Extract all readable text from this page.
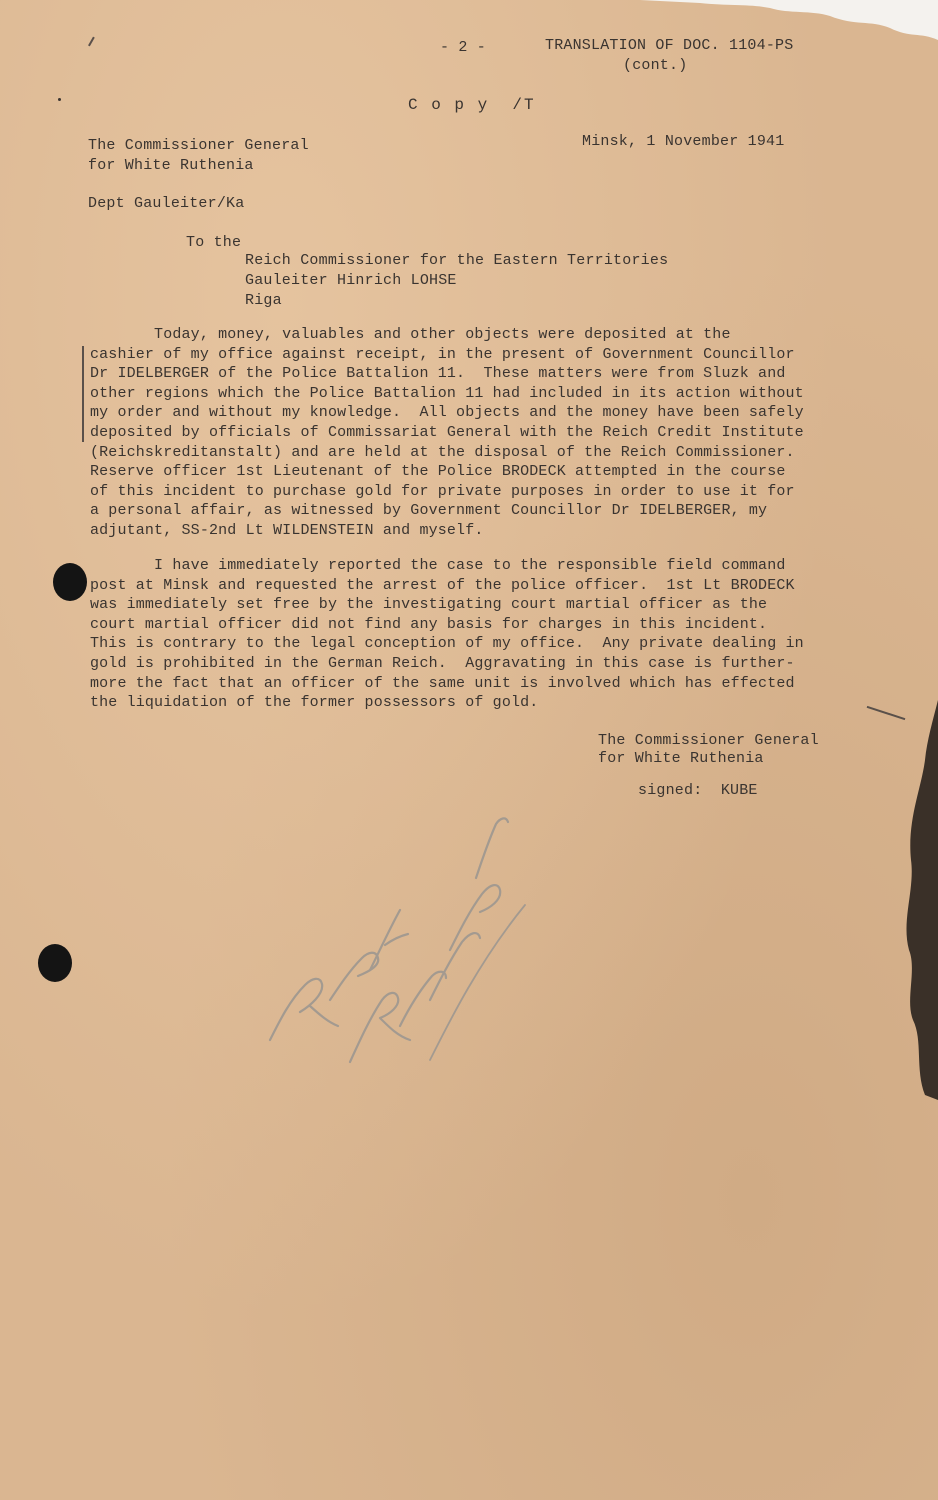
- 2 -	TRANSLATION OF DOC. 1104-PS
(cont.)
C o p y  /T
The Commissioner General
for White Ruthenia
Minsk, 1 November 1941
Dept Gauleiter/Ka
To the
Reich Commissioner for the Eastern Territories
Gauleiter Hinrich LOHSE
Riga
Today, money, valuables and other objects were deposited at the
cashier of my office against receipt, in the present of Government Councillor
Dr IDELBERGER of the Police Battalion 11.  These matters were from Sluzk and
other regions which the Police Battalion 11 had included in its action without
my order and without my knowledge.  All objects and the money have been safely
deposited by officials of Commissariat General with the Reich Credit Institute
(Reichskreditanstalt) and are held at the disposal of the Reich Commissioner.
Reserve officer 1st Lieutenant of the Police BRODECK attempted in the course
of this incident to purchase gold for private purposes in order to use it for
a personal affair, as witnessed by Government Councillor Dr IDELBERGER, my
adjutant, SS-2nd Lt WILDENSTEIN and myself.
I have immediately reported the case to the responsible field command
post at Minsk and requested the arrest of the police officer.  1st Lt BRODECK
was immediately set free by the investigating court martial officer as the
court martial officer did not find any basis for charges in this incident.
This is contrary to the legal conception of my office.  Any private dealing in
gold is prohibited in the German Reich.  Aggravating in this case is further-
more the fact that an officer of the same unit is involved which has effected
the liquidation of the former possessors of gold.
The Commissioner General
for White Ruthenia
signed:  KUBE
